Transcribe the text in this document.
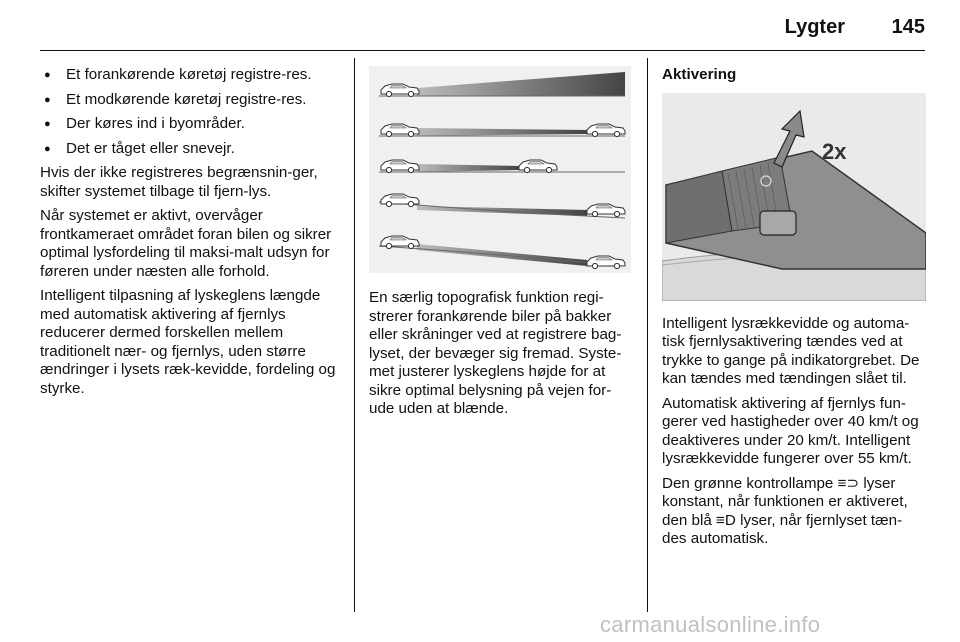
Lygter 145
● Et forankørende køretøj registre-res.
● Et modkørende køretøj registre-res.
● Der køres ind i byområder.
● Det er tåget eller snevejr.

Hvis der ikke registreres begrænsnin-ger, skifter systemet tilbage til fjern-lys.

Når systemet er aktivt, overvåger frontkameraet området foran bilen og sikrer optimal lysfordeling til maksi-malt udsyn for føreren under næsten alle forhold.

Intelligent tilpasning af lyskeglens længde med automatisk aktivering af fjernlys reducerer dermed forskellen mellem traditionelt nær- og fjernlys, uden større ændringer i lysets ræk-kevidde, fordeling og styrke.

En særlig topografisk funktion regi-strerer forankørende biler på bakker eller skråninger ved at registrere bag-lyset, der bevæger sig fremad. Syste-met justerer lyskeglens højde for at sikre optimal belysning på vejen for-ude uden at blænde.

Aktivering
2x

Intelligent lysrækkevidde og automa-tisk fjernlysaktivering tændes ved at trykke to gange på indikatorgrebet. De kan tændes med tændingen slået til.

Automatisk aktivering af fjernlys fun-gerer ved hastigheder over 40 km/t og deaktiveres under 20 km/t. Intelligent lysrækkevidde fungerer over 55 km/t.

Den grønne kontrollampe ≡⊃ lyser konstant, når funktionen er aktiveret, den blå ≡D lyser, når fjernlyset tæn-des automatisk.

carmanualsonline.info
